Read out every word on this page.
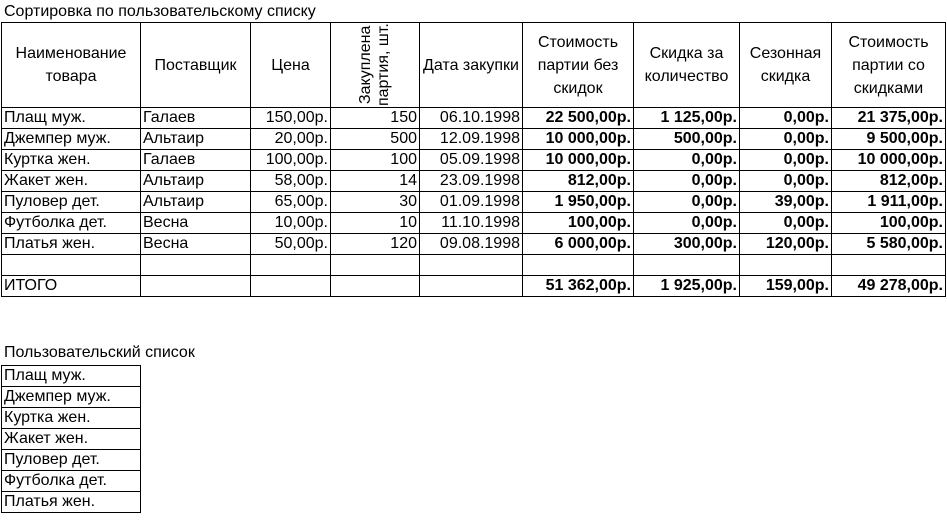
Сортировка по пользовательскому списку
Наименование товара	Поставщик	Цена	Закуплена партия, шт.	Дата закупки	Стоимость партии без скидок	Скидка за количество	Сезонная скидка	Стоимость партии со скидками
Плащ муж.	Галаев	150,00р.	150	06.10.1998	22 500,00р.	1 125,00р.	0,00р.	21 375,00р.
Джемпер муж.	Альтаир	20,00р.	500	12.09.1998	10 000,00р.	500,00р.	0,00р.	9 500,00р.
Куртка жен.	Галаев	100,00р.	100	05.09.1998	10 000,00р.	0,00р.	0,00р.	10 000,00р.
Жакет жен.	Альтаир	58,00р.	14	23.09.1998	812,00р.	0,00р.	0,00р.	812,00р.
Пуловер дет.	Альтаир	65,00р.	30	01.09.1998	1 950,00р.	0,00р.	39,00р.	1 911,00р.
Футболка дет.	Весна	10,00р.	10	11.10.1998	100,00р.	0,00р.	0,00р.	100,00р.
Платья жен.	Весна	50,00р.	120	09.08.1998	6 000,00р.	300,00р.	120,00р.	5 580,00р.

ИТОГО					51 362,00р.	1 925,00р.	159,00р.	49 278,00р.
Пользовательский список
Плащ муж.
Джемпер муж.
Куртка жен.
Жакет жен.
Пуловер дет.
Футболка дет.
Платья жен.
